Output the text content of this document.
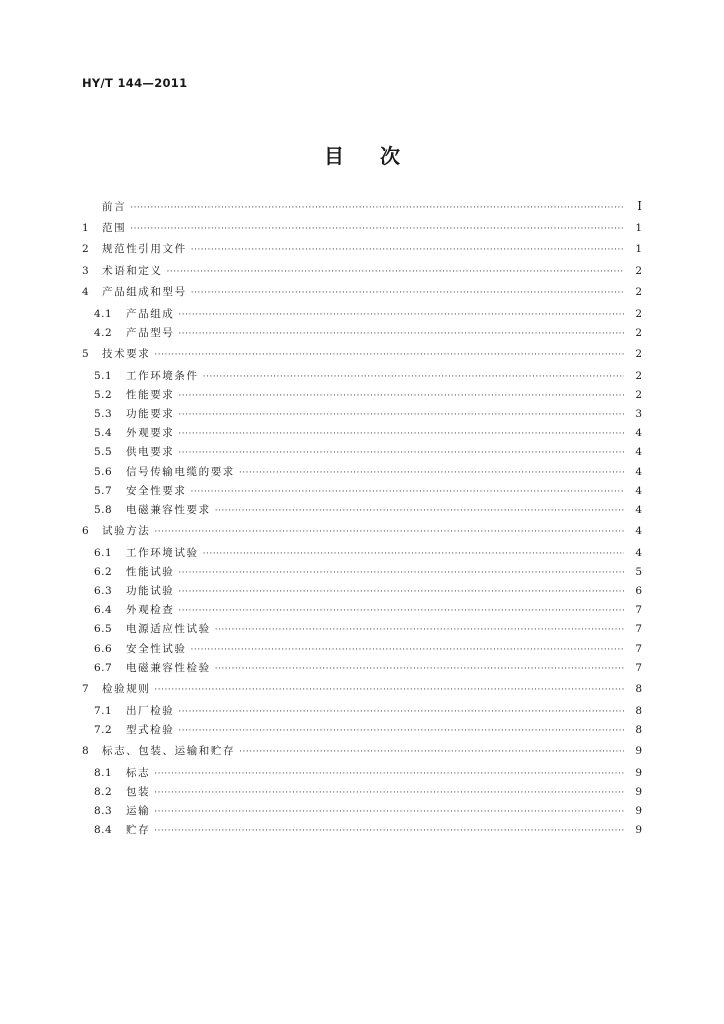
HY/T 144—2011
目次
前言 ·····	I
1	范围 ·····	1
2	规范性引用文件 ·····	1
3	术语和定义 ·····	2
4	产品组成和型号 ·····	2
4.1	产品组成 ·····	2
4.2	产品型号 ·····	2
5	技术要求 ·····	2
5.1	工作环境条件 ·····	2
5.2	性能要求 ·····	2
5.3	功能要求 ·····	3
5.4	外观要求 ·····	4
5.5	供电要求 ·····	4
5.6	信号传输电缆的要求 ·····	4
5.7	安全性要求 ·····	4
5.8	电磁兼容性要求 ·····	4
6	试验方法 ·····	4
6.1	工作环境试验 ·····	4
6.2	性能试验 ·····	5
6.3	功能试验 ·····	6
6.4	外观检查 ·····	7
6.5	电源适应性试验 ·····	7
6.6	安全性试验 ·····	7
6.7	电磁兼容性检验 ·····	7
7	检验规则 ·····	8
7.1	出厂检验 ·····	8
7.2	型式检验 ·····	8
8	标志、包装、运输和贮存 ·····	9
8.1	标志 ·····	9
8.2	包装 ·····	9
8.3	运输 ·····	9
8.4	贮存 ·····	9
